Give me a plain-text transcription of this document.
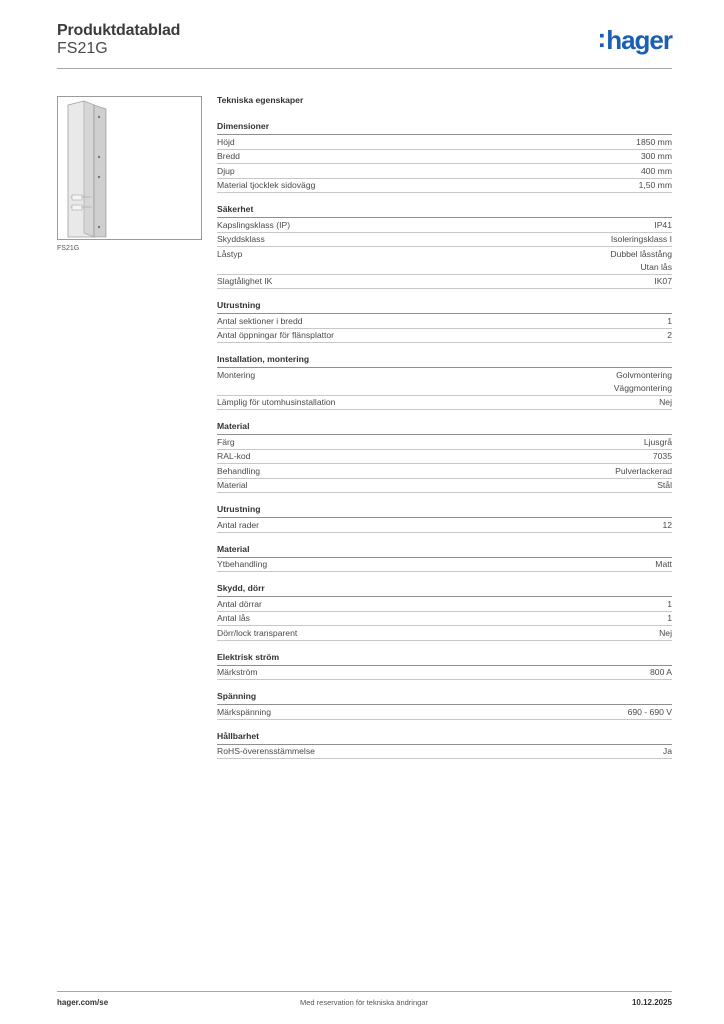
Produktdatablad
FS21G	:hager
FS21G
Tekniska egenskaper
Dimensioner
Höjd	1850 mm
Bredd	300 mm
Djup	400 mm
Material tjocklek sidovägg	1,50 mm
Säkerhet
Kapslingsklass (IP)	IP41
Skyddsklass	Isoleringsklass I
Låstyp	Dubbel låsstång
Utan lås
Slagtålighet IK	IK07
Utrustning
Antal sektioner i bredd	1
Antal öppningar för flänsplattor	2
Installation, montering
Montering	Golvmontering
Väggmontering
Lämplig för utomhusinstallation	Nej
Material
Färg	Ljusgrå
RAL-kod	7035
Behandling	Pulverlackerad
Material	Stål
Utrustning
Antal rader	12
Material
Ytbehandling	Matt
Skydd, dörr
Antal dörrar	1
Antal lås	1
Dörr/lock transparent	Nej
Elektrisk ström
Märkström	800 A
Spänning
Märkspänning	690 - 690 V
Hållbarhet
RoHS-överensstämmelse	Ja
hager.com/se	Med reservation för tekniska ändringar	10.12.2025
